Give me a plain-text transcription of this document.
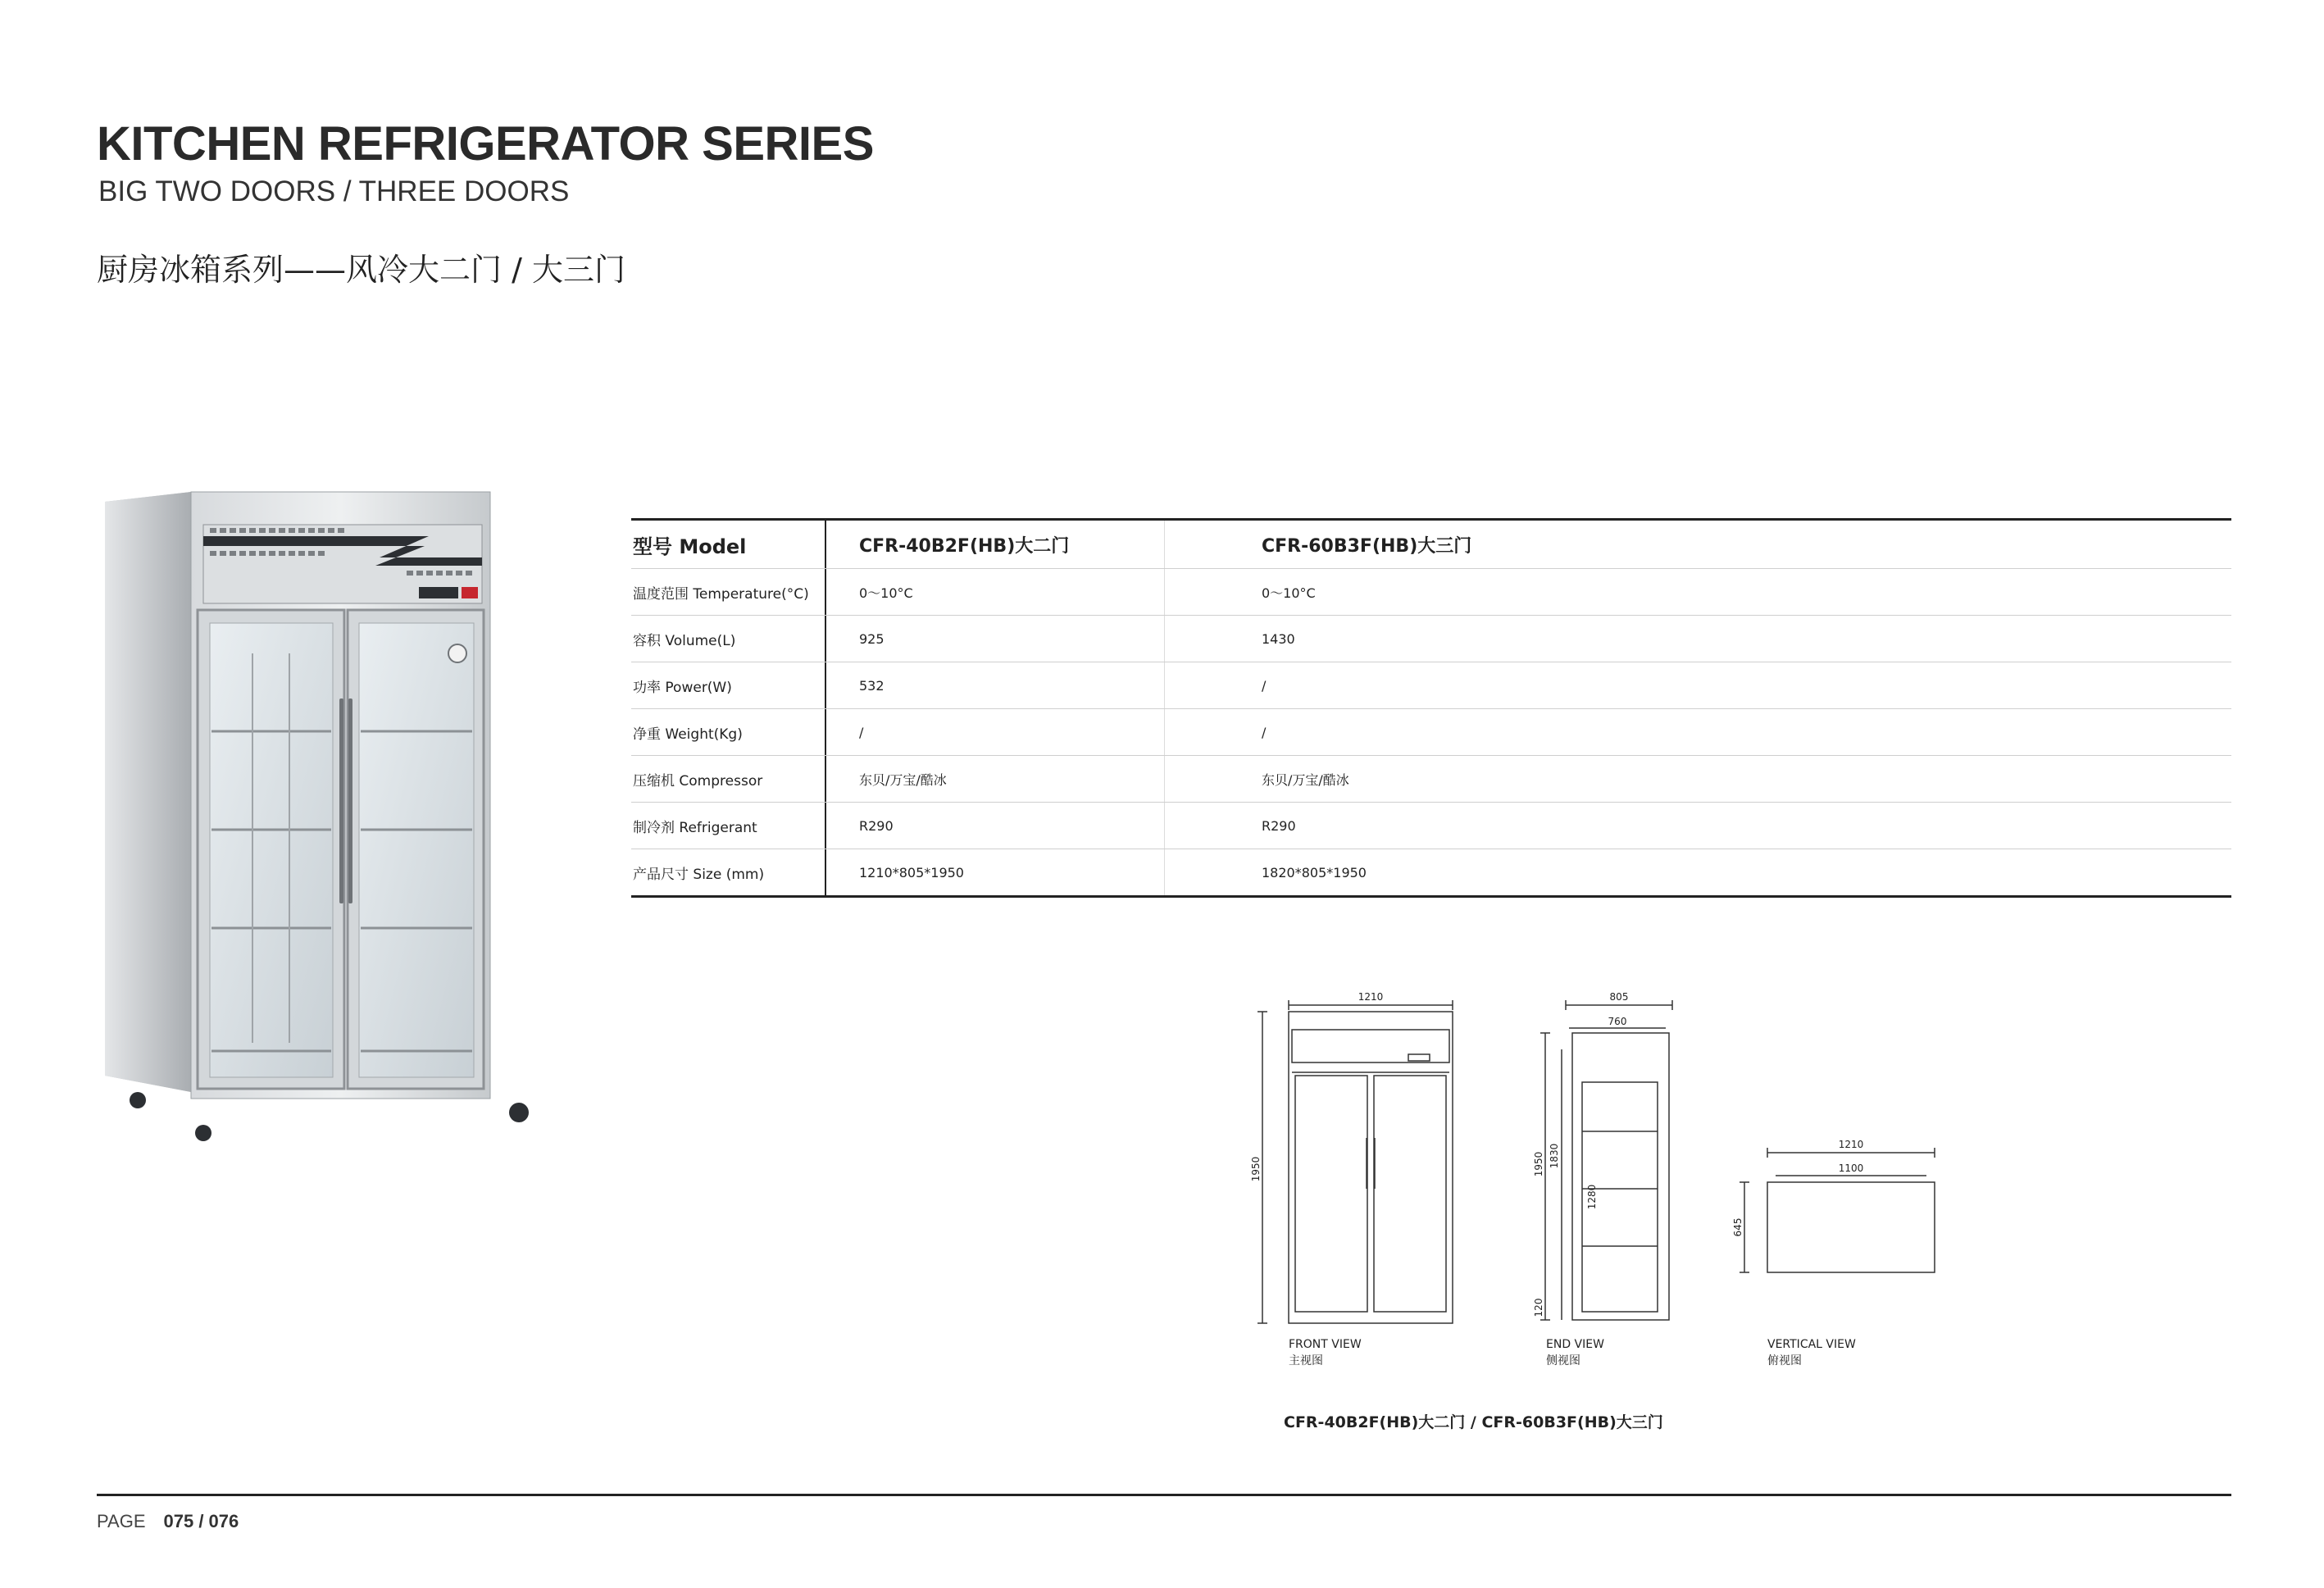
KITCHEN REFRIGERATOR SERIES
BIG TWO DOORS / THREE DOORS
厨房冰箱系列——风冷大二门 / 大三门
型号 Model	CFR-40B2F(HB)大二门	CFR-60B3F(HB)大三门
温度范围 Temperature(°C)	0～10°C	0～10°C
容积 Volume(L)	925	1430
功率 Power(W)	532	/
净重 Weight(Kg)	/	/
压缩机 Compressor	东贝/万宝/酷冰	东贝/万宝/酷冰
制冷剂 Refrigerant	R290	R290
产品尺寸 Size (mm)	1210*805*1950	1820*805*1950
1210
1950
805
760
1950 1830
1280
120
1210
1100
645
FRONT VIEW
主视图
END VIEW
侧视图
VERTICAL VIEW
俯视图
CFR-40B2F(HB)大二门 / CFR-60B3F(HB)大三门
PAGE 075 / 076
